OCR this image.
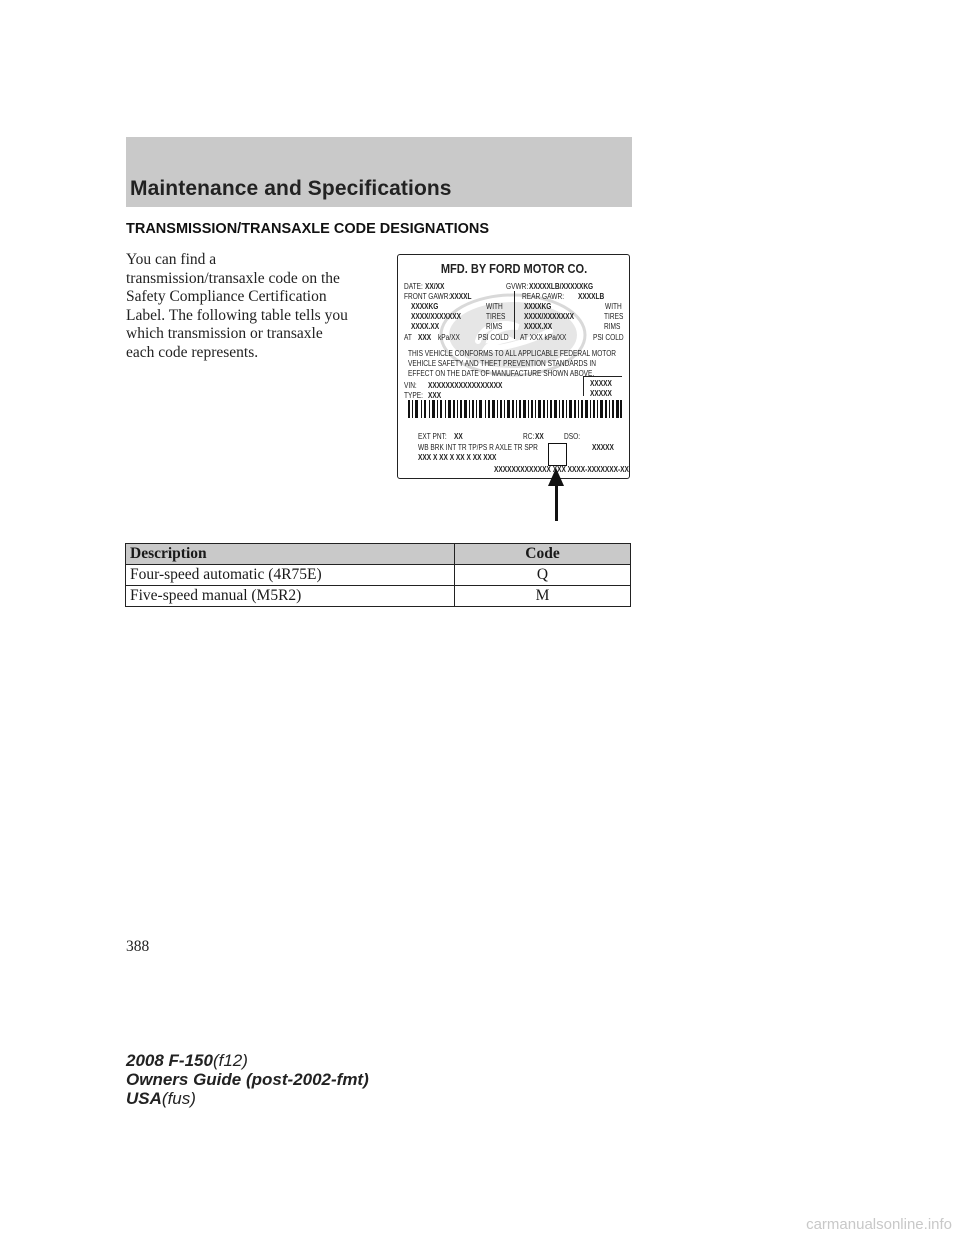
Maintenance and Specifications
TRANSMISSION/TRANSAXLE CODE DESIGNATIONS
You can find a
transmission/transaxle code on the
Safety Compliance Certification
Label. The following table tells you
which transmission or transaxle
each code represents.
MFD. BY FORD MOTOR CO.
DATE: XX/XX	GVWR: XXXXXLB/XXXXXKG
FRONT GAWR: XXXXL	REAR GAWR: XXXXLB
XXXXKG	WITH	XXXXKG	WITH
XXXX/XXXXXXX	TIRES XXXX/XXXXXXX	TIRES
XXXX.XX	RIMS	XXXX.XX	RIMS
AT XXX kPa/XX PSI COLD AT XXX kPa/XX	PSI COLD
THIS VEHICLE CONFORMS TO ALL APPLICABLE FEDERAL MOTOR
VEHICLE SAFETY AND THEFT PREVENTION STANDARDS IN
EFFECT ON THE DATE OF MANUFACTURE SHOWN ABOVE.
VIN: XXXXXXXXXXXXXXXXX
TYPE: XXX
XXXXX
XXXXX
EXT PNT: XX	RC: XX	DSO:
WB BRK INT TR TP/PS R AXLE TR SPR	XXXXX
XXX X XX X XX X XX XXX
XXXXXXXXXXXXX XXX XXXX-XXXXXXX-XX
Description	Code
Four-speed automatic (4R75E)	Q
Five-speed manual (M5R2)	M
388
2008 F-150(f12)
Owners Guide (post-2002-fmt)
USA(fus)
carmanualsonline.info
